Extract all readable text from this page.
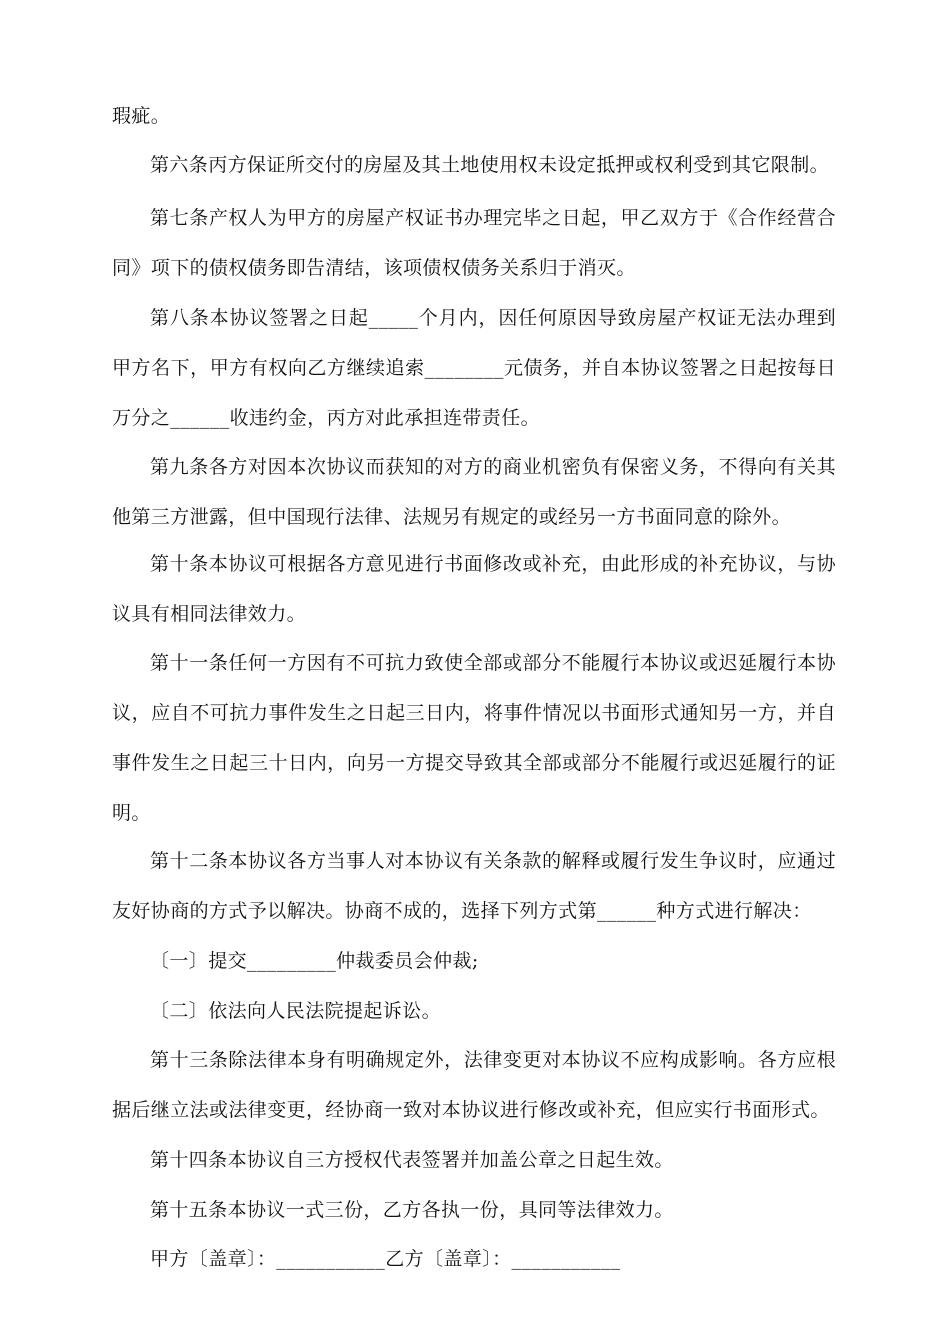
瑕疵。

第六条丙方保证所交付的房屋及其土地使用权未设定抵押或权利受到其它限制。

第七条产权人为甲方的房屋产权证书办理完毕之日起，甲乙双方于《合作经营合同》项下的债权债务即告清结，该项债权债务关系归于消灭。

第八条本协议签署之日起_____个月内，因任何原因导致房屋产权证无法办理到甲方名下，甲方有权向乙方继续追索________元债务，并自本协议签署之日起按每日万分之______收违约金，丙方对此承担连带责任。

第九条各方对因本次协议而获知的对方的商业机密负有保密义务，不得向有关其他第三方泄露，但中国现行法律、法规另有规定的或经另一方书面同意的除外。

第十条本协议可根据各方意见进行书面修改或补充，由此形成的补充协议，与协议具有相同法律效力。

第十一条任何一方因有不可抗力致使全部或部分不能履行本协议或迟延履行本协议，应自不可抗力事件发生之日起三日内，将事件情况以书面形式通知另一方，并自事件发生之日起三十日内，向另一方提交导致其全部或部分不能履行或迟延履行的证明。

第十二条本协议各方当事人对本协议有关条款的解释或履行发生争议时，应通过友好协商的方式予以解决。协商不成的，选择下列方式第______种方式进行解决：

〔一〕提交_________仲裁委员会仲裁;

〔二〕依法向人民法院提起诉讼。

第十三条除法律本身有明确规定外，法律变更对本协议不应构成影响。各方应根据后继立法或法律变更，经协商一致对本协议进行修改或补充，但应实行书面形式。

第十四条本协议自三方授权代表签署并加盖公章之日起生效。

第十五条本协议一式三份，乙方各执一份，具同等法律效力。

甲方〔盖章〕：___________乙方〔盖章〕：___________
